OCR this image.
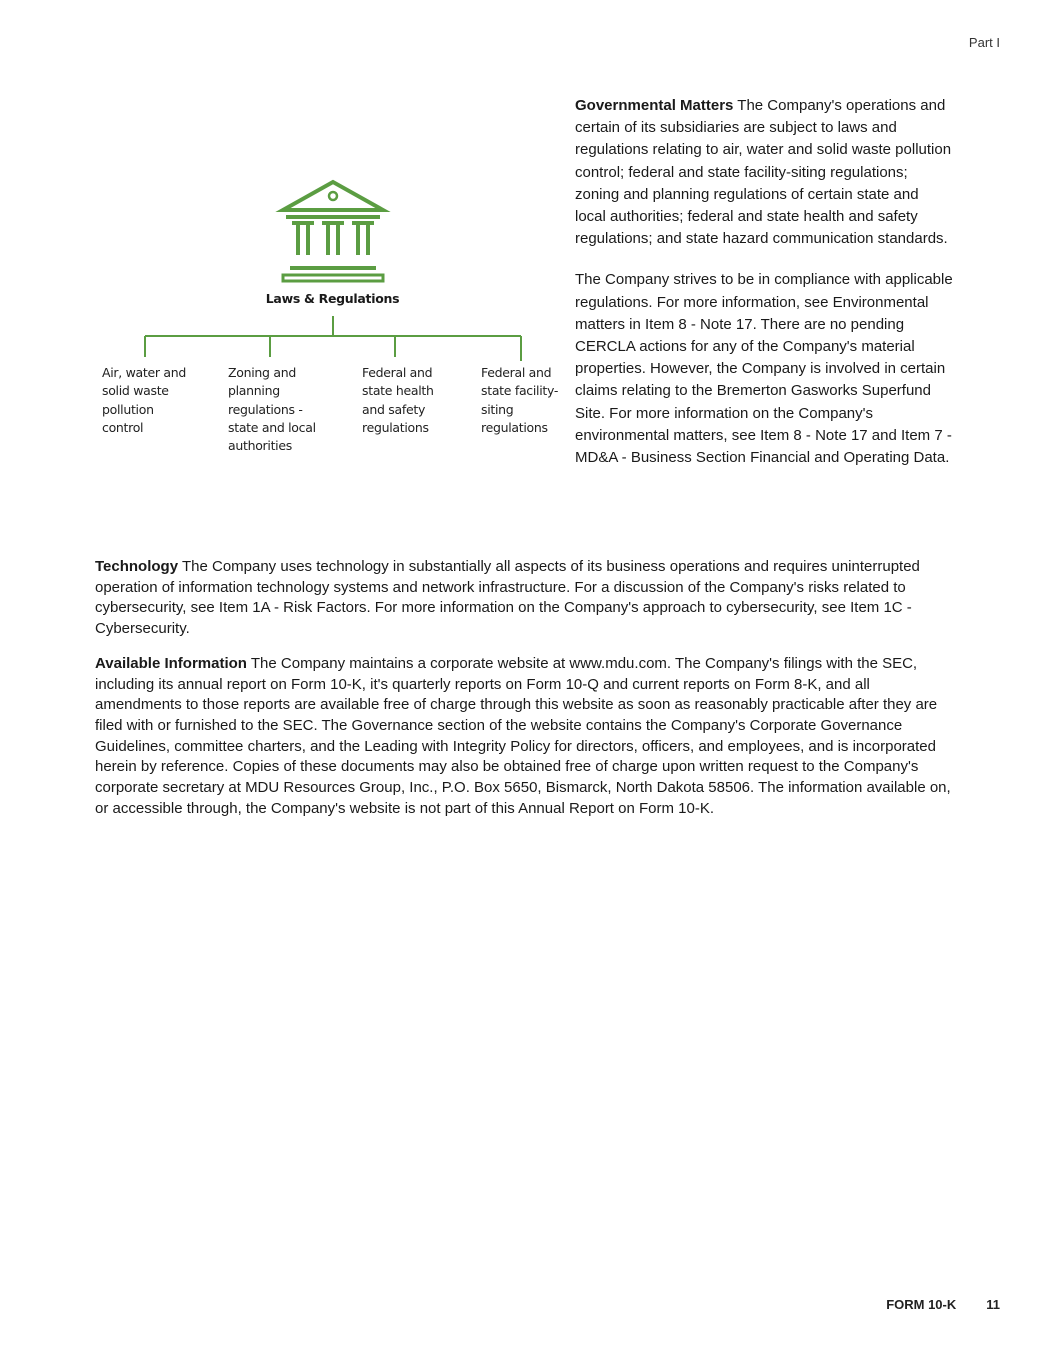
Part I
Laws & Regulations
Air, water and solid waste pollution control
Zoning and planning regulations - state and local authorities
Federal and state health and safety regulations
Federal and state facility-siting regulations

Governmental Matters The Company's operations and certain of its subsidiaries are subject to laws and regulations relating to air, water and solid waste pollution control; federal and state facility-siting regulations; zoning and planning regulations of certain state and local authorities; federal and state health and safety regulations; and state hazard communication standards.

The Company strives to be in compliance with applicable regulations. For more information, see Environmental matters in Item 8 - Note 17. There are no pending CERCLA actions for any of the Company's material properties. However, the Company is involved in certain claims relating to the Bremerton Gasworks Superfund Site. For more information on the Company's environmental matters, see Item 8 - Note 17 and Item 7 - MD&A - Business Section Financial and Operating Data.

Technology The Company uses technology in substantially all aspects of its business operations and requires uninterrupted operation of information technology systems and network infrastructure. For a discussion of the Company's risks related to cybersecurity, see Item 1A - Risk Factors. For more information on the Company's approach to cybersecurity, see Item 1C - Cybersecurity.

Available Information The Company maintains a corporate website at www.mdu.com. The Company's filings with the SEC, including its annual report on Form 10-K, it's quarterly reports on Form 10-Q and current reports on Form 8-K, and all amendments to those reports are available free of charge through this website as soon as reasonably practicable after they are filed with or furnished to the SEC. The Governance section of the website contains the Company's Corporate Governance Guidelines, committee charters, and the Leading with Integrity Policy for directors, officers, and employees, and is incorporated herein by reference. Copies of these documents may also be obtained free of charge upon written request to the Company's corporate secretary at MDU Resources Group, Inc., P.O. Box 5650, Bismarck, North Dakota 58506. The information available on, or accessible through, the Company's website is not part of this Annual Report on Form 10-K.

FORM 10-K 11
